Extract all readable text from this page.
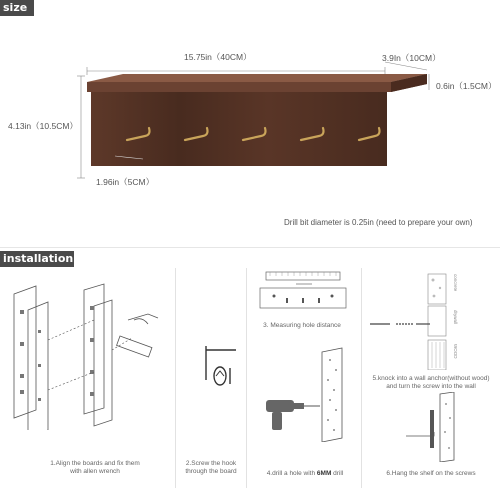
size
15.75in（40CM）	3.9In（10CM）
0.6in（1.5CM）
4.13in（10.5CM）
1.96in（5CM）
Drill bit diameter is 0.25in (need to prepare your own)
installation
1.Align the boards and fix them
with allen wrench
2.Screw the hook
through the board
3. Measuring hole distance
4.drill a hole with 6MM drill
concrete
drywall
WOOD
5.knock into a wall anchor(without wood)
and turn the screw into the wall
6.Hang the shelf on the screws
